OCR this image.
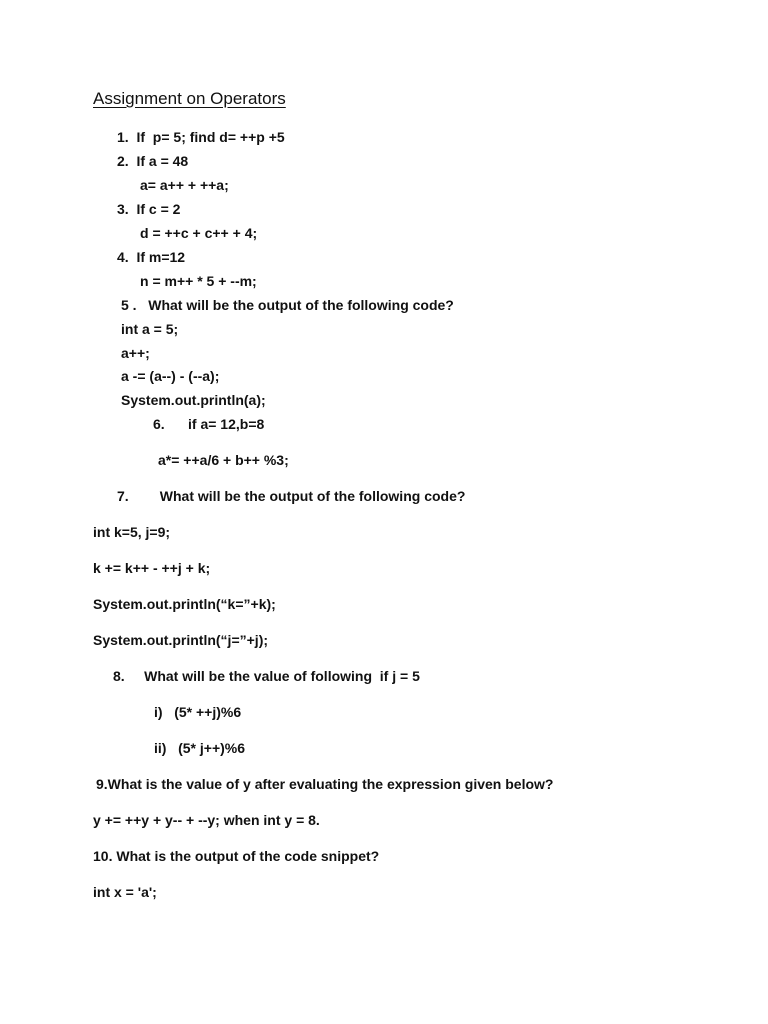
Assignment on Operators
1.  If  p= 5; find d= ++p +5
2.  If a = 48
a= a++ + ++a;
3.  If c = 2
d = ++c + c++ + 4;
4.  If m=12
n = m++ * 5 + --m;
5 .   What will be the output of the following code?
int a = 5;
a++;
a -= (a--) - (--a);
System.out.println(a);
6.      if a= 12,b=8
a*= ++a/6 + b++ %3;
7.        What will be the output of the following code?
int k=5, j=9;
k += k++ - ++j + k;
System.out.println(“k=”+k);
System.out.println(“j=”+j);
8.     What will be the value of following  if j = 5
i)   (5* ++j)%6
ii)   (5* j++)%6
9.What is the value of y after evaluating the expression given below?
y += ++y + y-- + --y; when int y = 8.
10. What is the output of the code snippet?
int x = 'a';
